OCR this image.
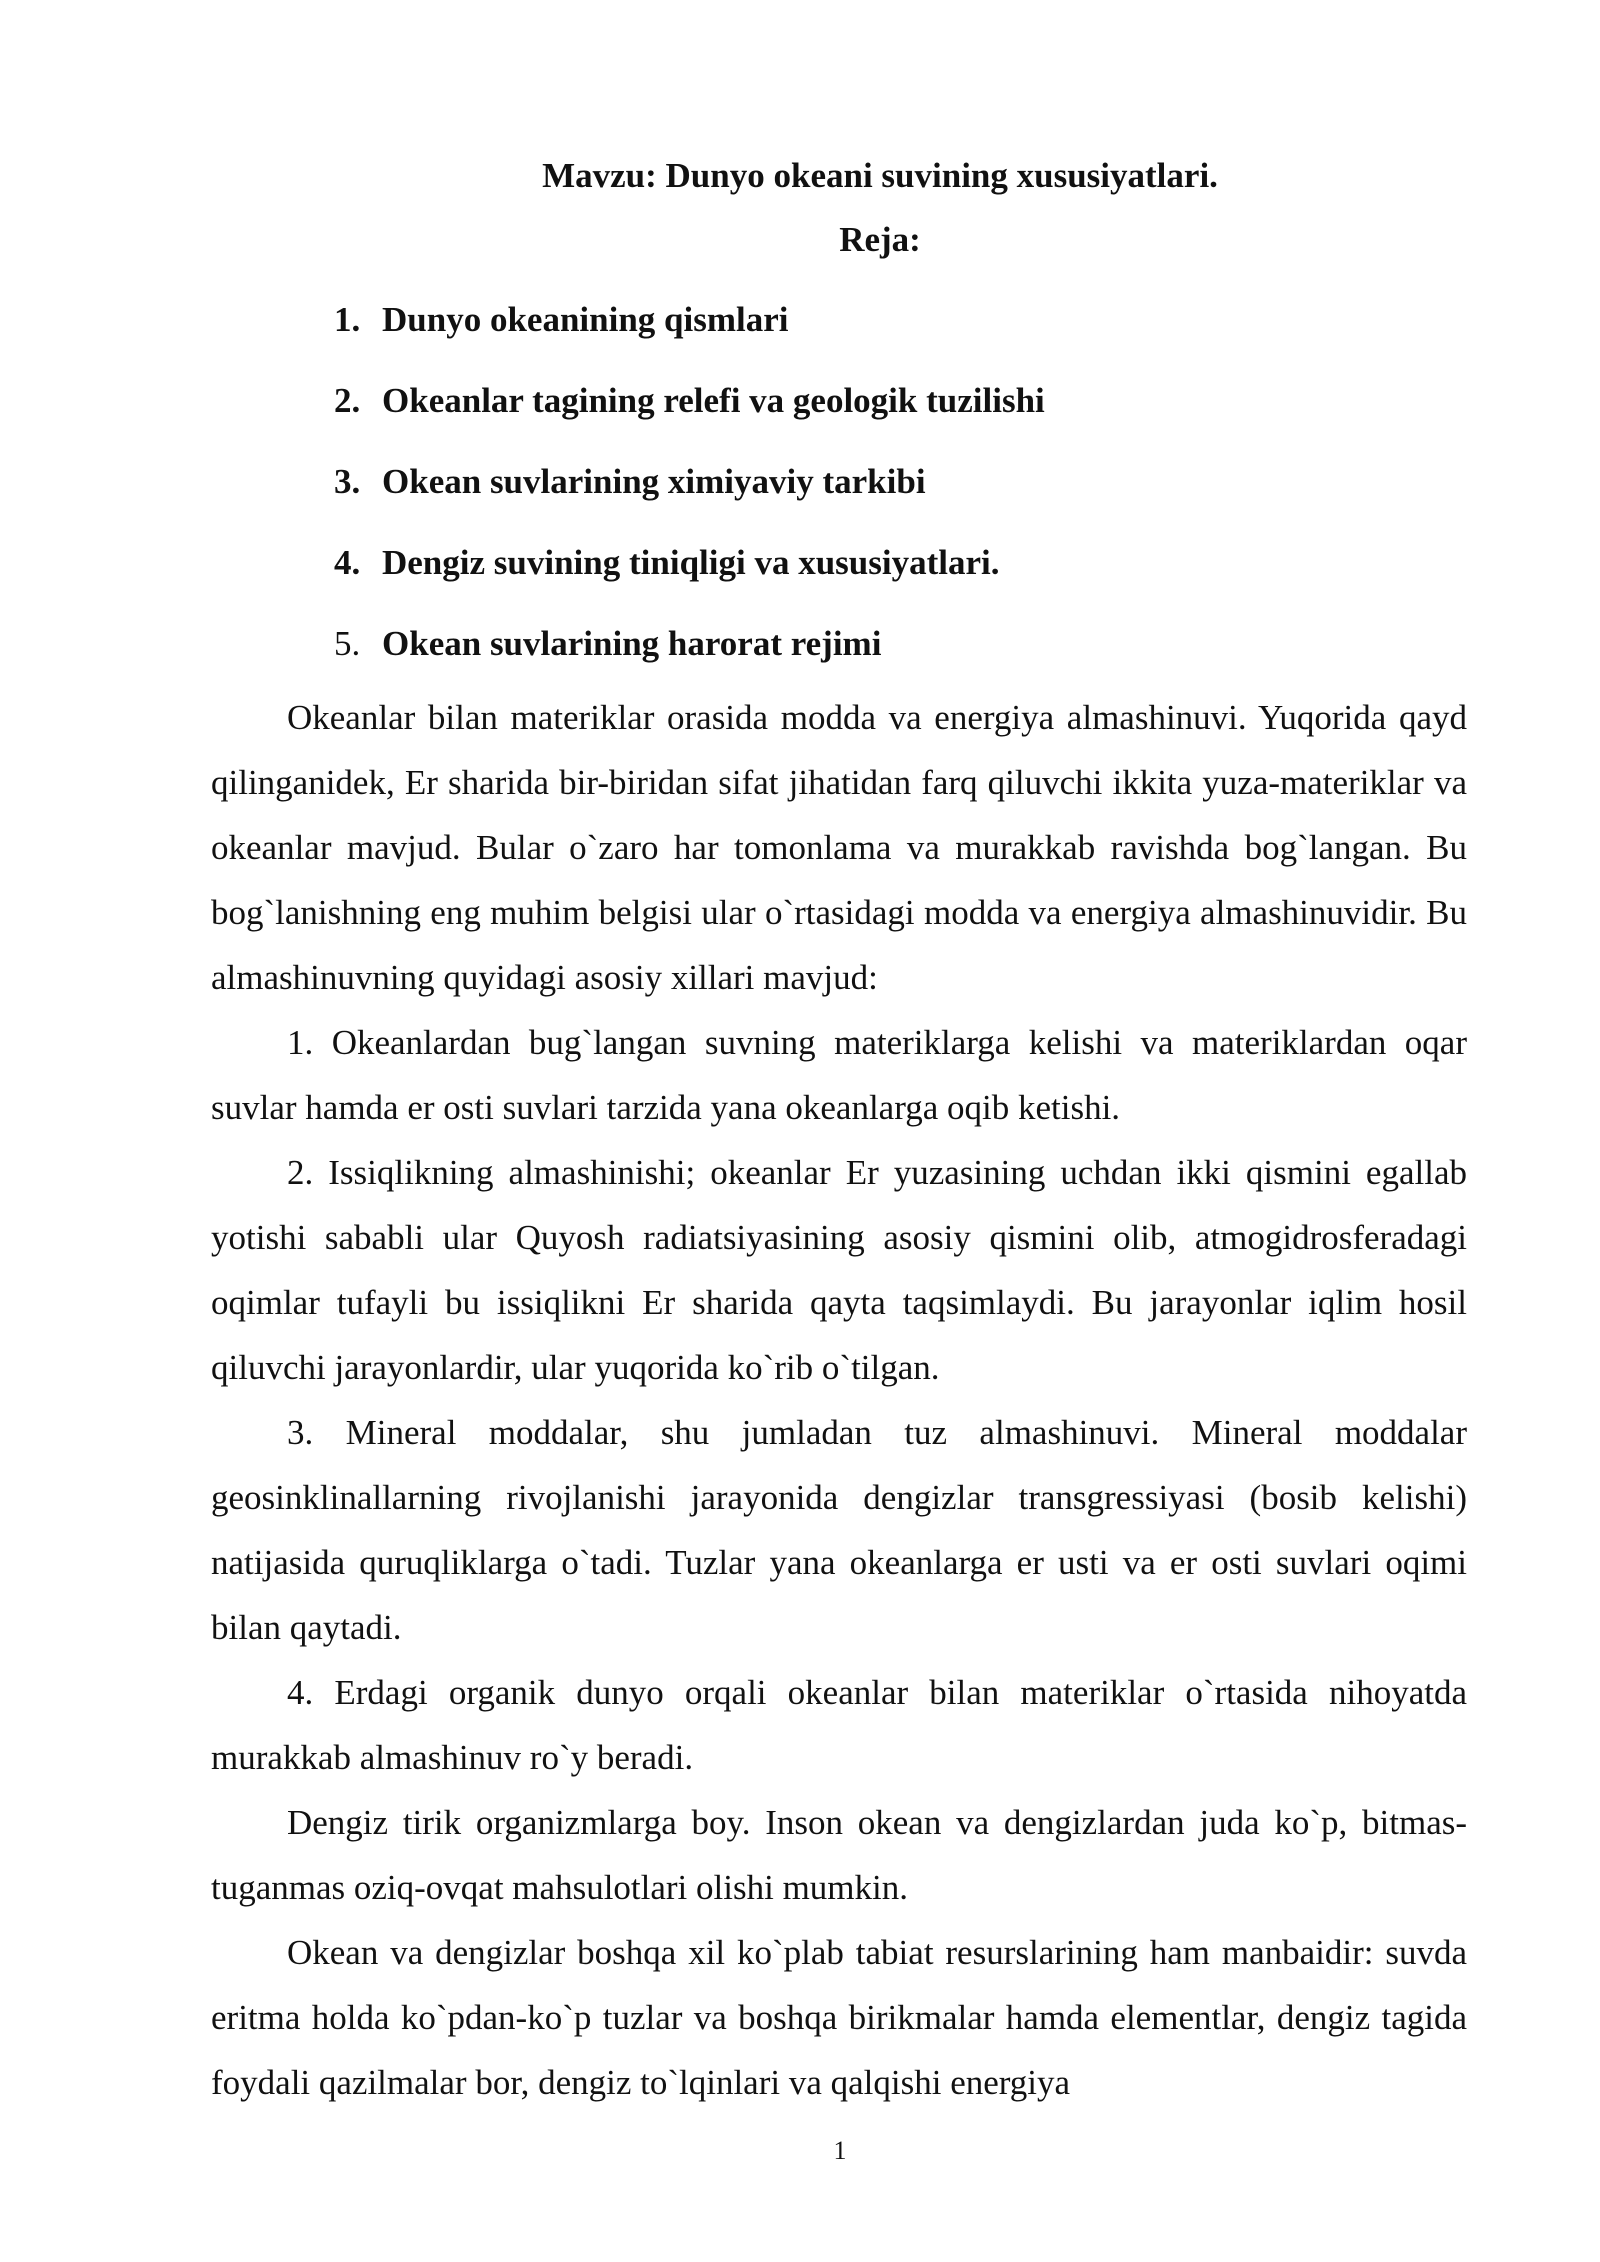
Mavzu: Dunyo okeani suvining xususiyatlari.
Reja:
1. Dunyo okeanining qismlari
2. Okeanlar tagining relefi va geologik tuzilishi
3. Okean suvlarining ximiyaviy tarkibi
4. Dengiz suvining tiniqligi va xususiyatlari.
5. Okean suvlarining harorat rejimi

Okeanlar bilan materiklar orasida modda va energiya almashinuvi. Yuqorida qayd qilinganidek, Er sharida bir-biridan sifat jihatidan farq qiluvchi ikkita yuza-materiklar va okeanlar mavjud. Bular o`zaro har tomonlama va murakkab ravishda bog`langan. Bu bog`lanishning eng muhim belgisi ular o`rtasidagi modda va energiya almashinuvidir. Bu almashinuvning quyidagi asosiy xillari mavjud:

1. Okeanlardan bug`langan suvning materiklarga kelishi va materiklardan oqar suvlar hamda er osti suvlari tarzida yana okeanlarga oqib ketishi.

2. Issiqlikning almashinishi; okeanlar Er yuzasining uchdan ikki qismini egallab yotishi sababli ular Quyosh radiatsiyasining asosiy qismini olib, atmogidrosferadagi oqimlar tufayli bu issiqlikni Er sharida qayta taqsimlaydi. Bu jarayonlar iqlim hosil qiluvchi jarayonlardir, ular yuqorida ko`rib o`tilgan.

3. Mineral moddalar, shu jumladan tuz almashinuvi. Mineral moddalar geosinklinallarning rivojlanishi jarayonida dengizlar transgressiyasi (bosib kelishi) natijasida quruqliklarga o`tadi. Tuzlar yana okeanlarga er usti va er osti suvlari oqimi bilan qaytadi.

4. Erdagi organik dunyo orqali okeanlar bilan materiklar o`rtasida nihoyatda murakkab almashinuv ro`y beradi.

Dengiz tirik organizmlarga boy. Inson okean va dengizlardan juda ko`p, bitmas-tuganmas oziq-ovqat mahsulotlari olishi mumkin.

Okean va dengizlar boshqa xil ko`plab tabiat resurslarining ham manbaidir: suvda eritma holda ko`pdan-ko`p tuzlar va boshqa birikmalar hamda elementlar, dengiz tagida foydali qazilmalar bor, dengiz to`lqinlari va qalqishi energiya

1
